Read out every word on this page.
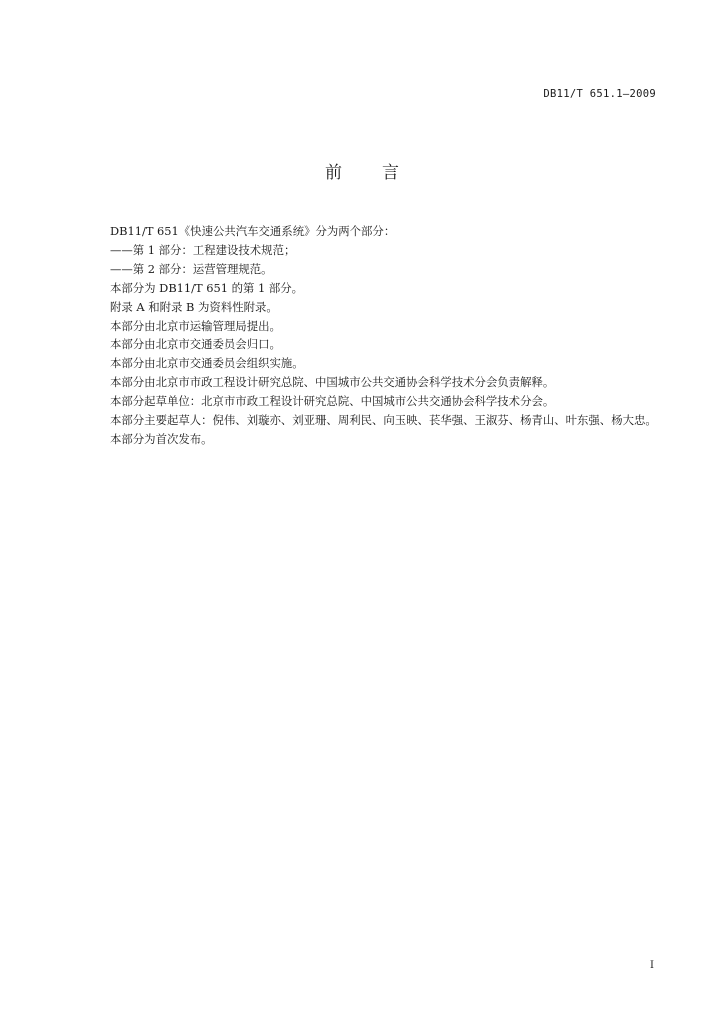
DB11/T 651.1—2009
前 言
DB11/T 651《快速公共汽车交通系统》分为两个部分：
——第 1 部分：工程建设技术规范；
——第 2 部分：运营管理规范。
本部分为 DB11/T 651 的第 1 部分。
附录 A 和附录 B 为资料性附录。
本部分由北京市运输管理局提出。
本部分由北京市交通委员会归口。
本部分由北京市交通委员会组织实施。
本部分由北京市市政工程设计研究总院、中国城市公共交通协会科学技术分会负责解释。
本部分起草单位：北京市市政工程设计研究总院、中国城市公共交通协会科学技术分会。
本部分主要起草人：倪伟、刘璇亦、刘亚珊、周利民、向玉映、苌华强、王淑芬、杨青山、叶东强、杨大忠。
本部分为首次发布。
I
